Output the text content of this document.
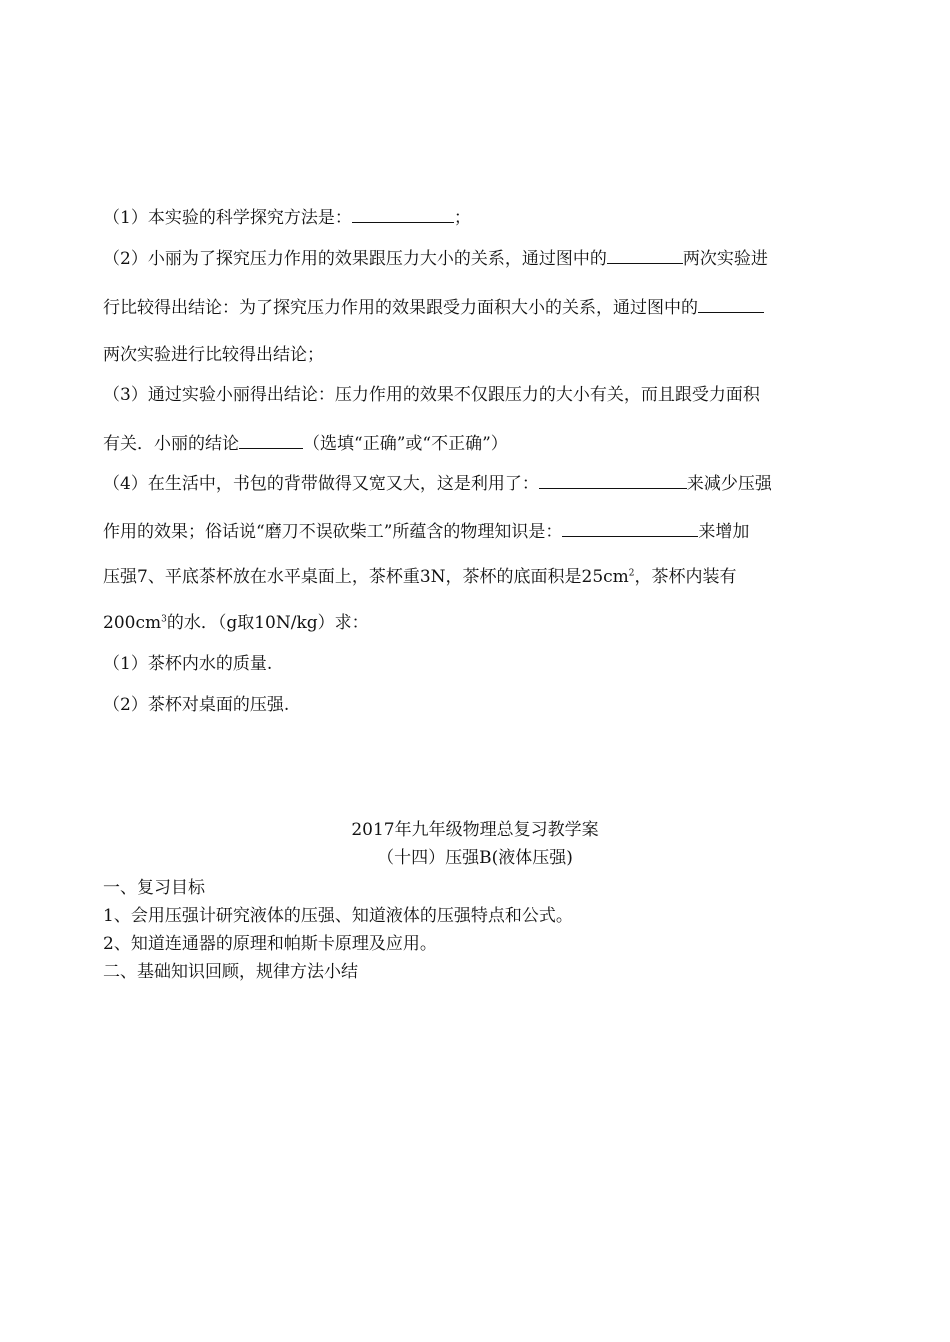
（1）本实验的科学探究方法是：	；
（2）小丽为了探究压力作用的效果跟压力大小的关系，通过图中的	两次实验进
行比较得出结论：为了探究压力作用的效果跟受力面积大小的关系，通过图中的
两次实验进行比较得出结论；
（3）通过实验小丽得出结论：压力作用的效果不仅跟压力的大小有关，而且跟受力面积
有关．小丽的结论	（选填“正确”或“不正确”）
（4）在生活中，书包的背带做得又宽又大，这是利用了：	来减少压强
作用的效果；俗话说“磨刀不误砍柴工”所蕴含的物理知识是：	来增加
压强7、平底茶杯放在水平桌面上，茶杯重3N，茶杯的底面积是$25cm^2$，茶杯内装有
$200cm^3$的水．（g取10N/kg）求：
（1）茶杯内水的质量.
（2）茶杯对桌面的压强.
2017年九年级物理总复习教学案
（十四）压强B(液体压强)
一、复习目标
1、会用压强计研究液体的压强、知道液体的压强特点和公式。
2、知道连通器的原理和帕斯卡原理及应用。
二、基础知识回顾，规律方法小结
